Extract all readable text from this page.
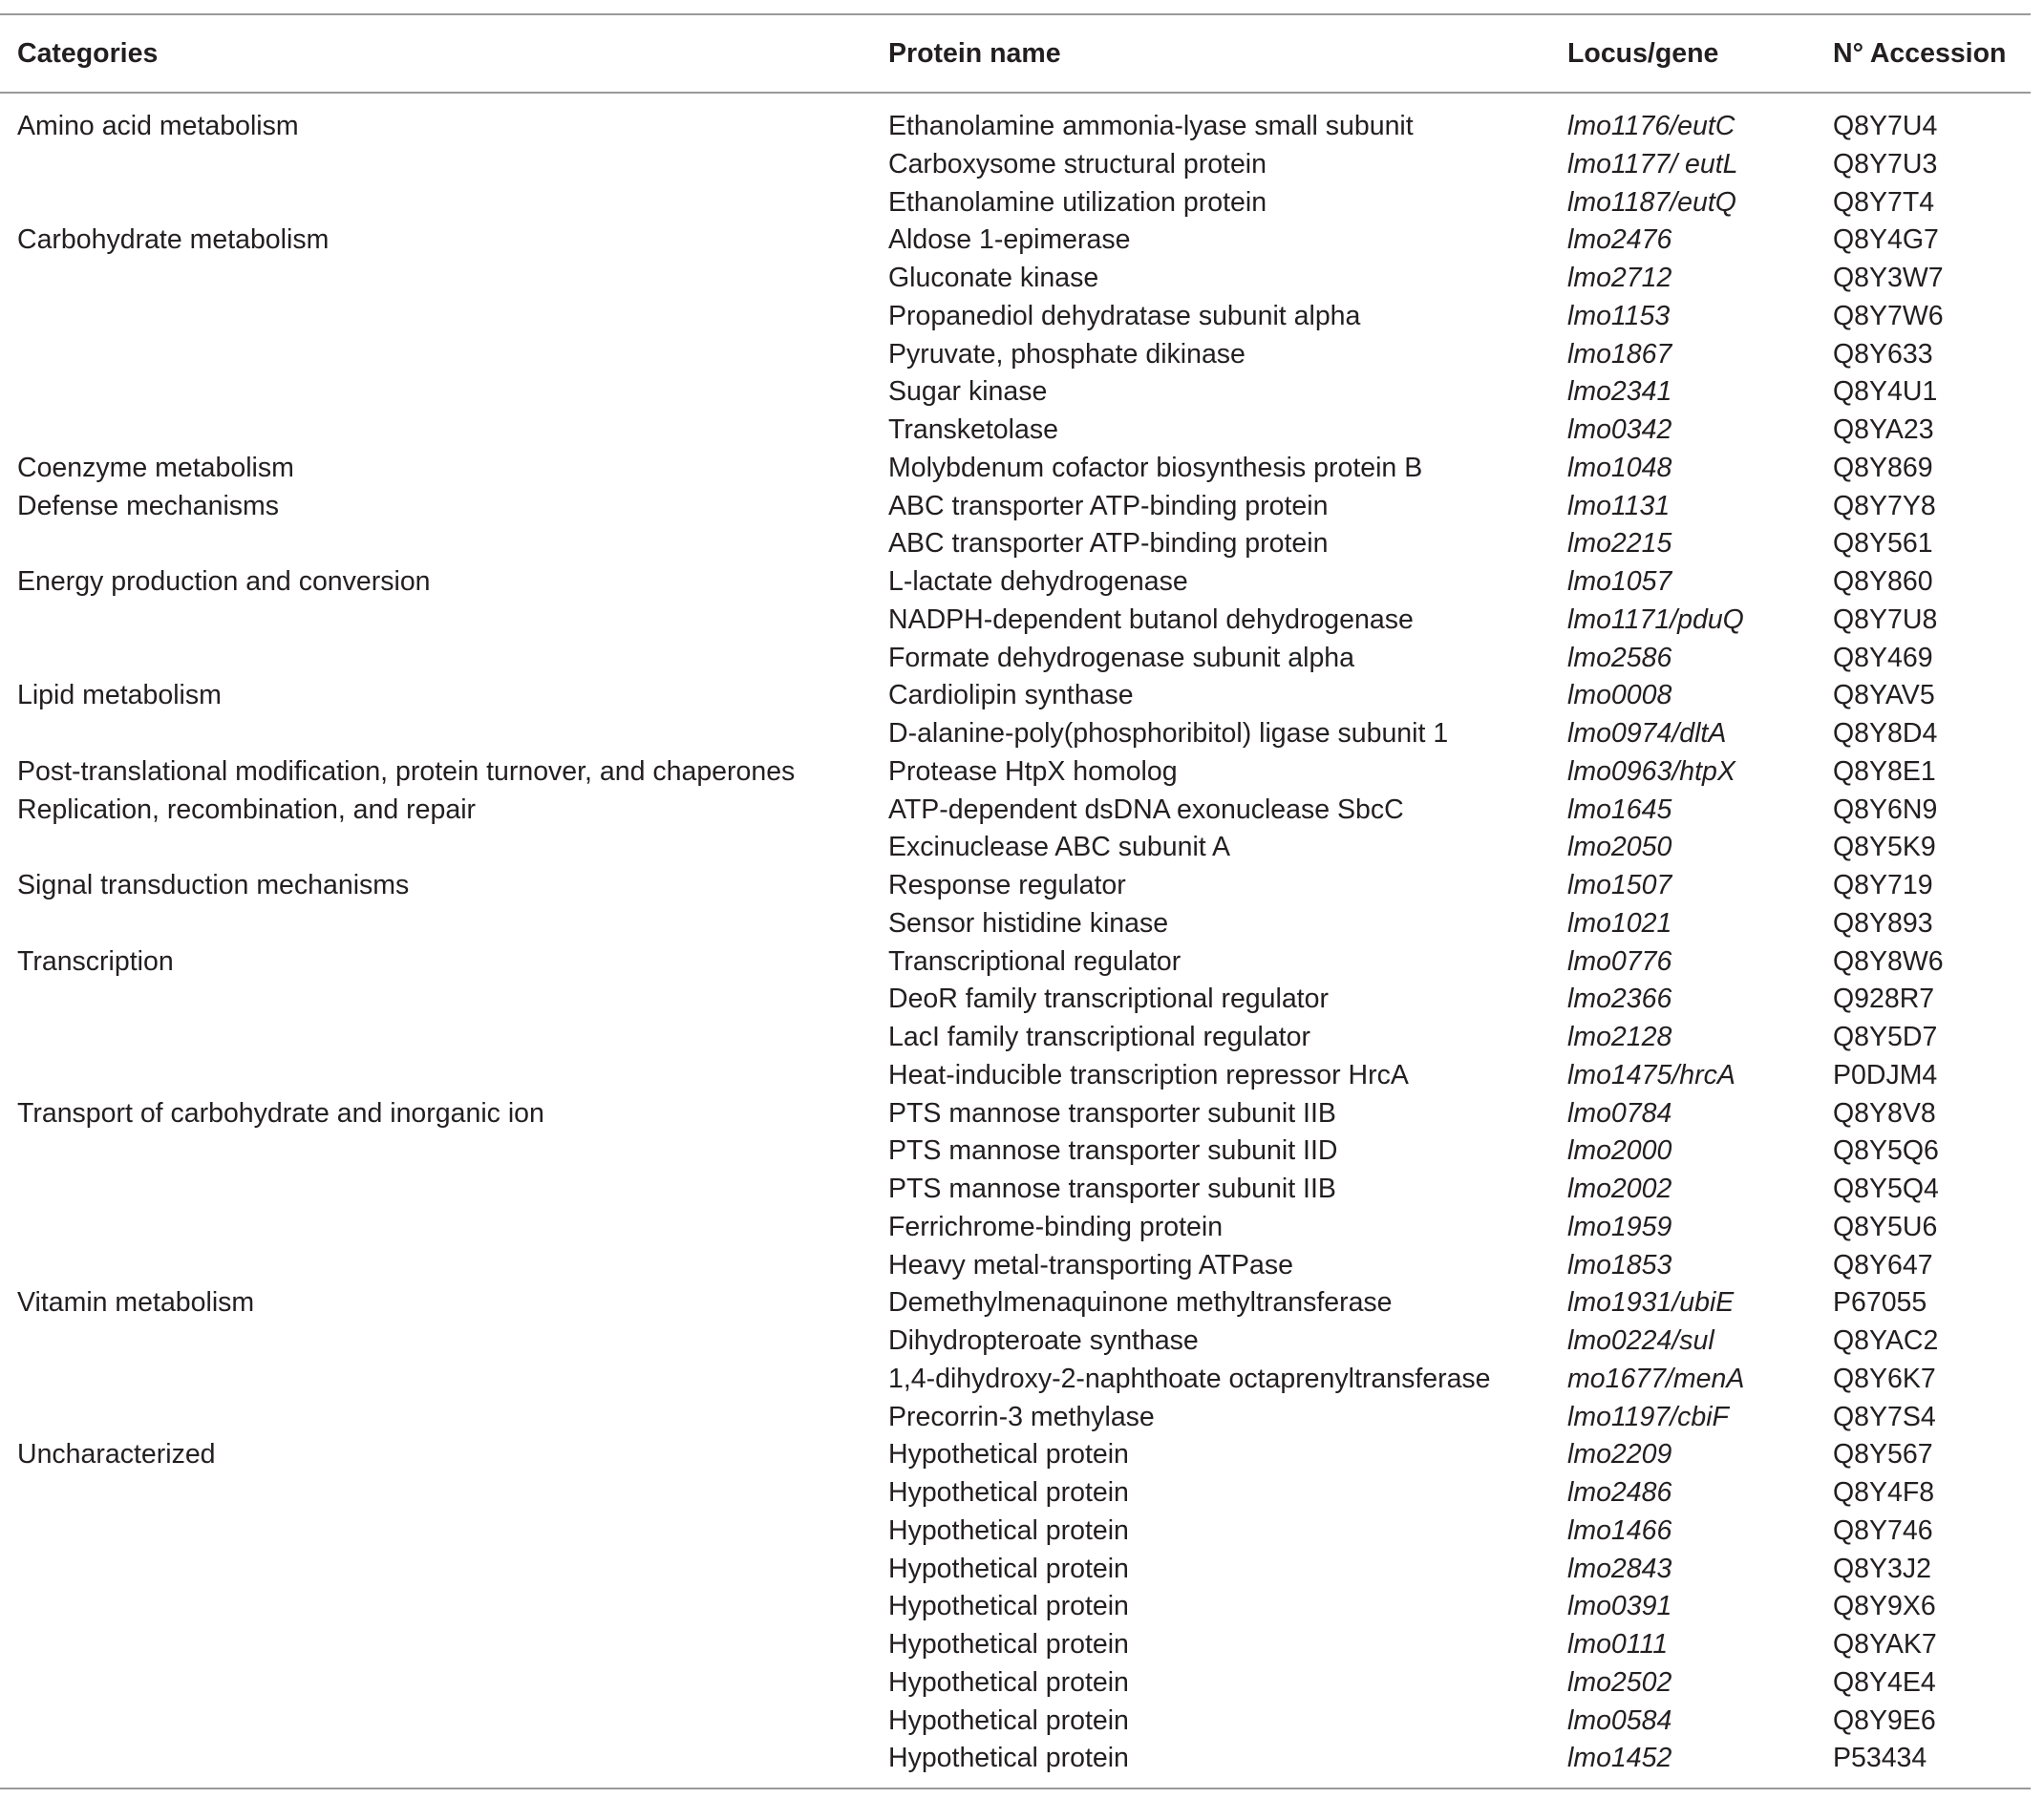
Categories	Protein name	Locus/gene	N° Accession
Amino acid metabolism	Ethanolamine ammonia-lyase small subunit	lmo1176/eutC	Q8Y7U4
	Carboxysome structural protein	lmo1177/ eutL	Q8Y7U3
	Ethanolamine utilization protein	lmo1187/eutQ	Q8Y7T4
Carbohydrate metabolism	Aldose 1-epimerase	lmo2476	Q8Y4G7
	Gluconate kinase	lmo2712	Q8Y3W7
	Propanediol dehydratase subunit alpha	lmo1153	Q8Y7W6
	Pyruvate, phosphate dikinase	lmo1867	Q8Y633
	Sugar kinase	lmo2341	Q8Y4U1
	Transketolase	lmo0342	Q8YA23
Coenzyme metabolism	Molybdenum cofactor biosynthesis protein B	lmo1048	Q8Y869
Defense mechanisms	ABC transporter ATP-binding protein	lmo1131	Q8Y7Y8
	ABC transporter ATP-binding protein	lmo2215	Q8Y561
Energy production and conversion	L-lactate dehydrogenase	lmo1057	Q8Y860
	NADPH-dependent butanol dehydrogenase	lmo1171/pduQ	Q8Y7U8
	Formate dehydrogenase subunit alpha	lmo2586	Q8Y469
Lipid metabolism	Cardiolipin synthase	lmo0008	Q8YAV5
	D-alanine-poly(phosphoribitol) ligase subunit 1	lmo0974/dltA	Q8Y8D4
Post-translational modification, protein turnover, and chaperones	Protease HtpX homolog	lmo0963/htpX	Q8Y8E1
Replication, recombination, and repair	ATP-dependent dsDNA exonuclease SbcC	lmo1645	Q8Y6N9
	Excinuclease ABC subunit A	lmo2050	Q8Y5K9
Signal transduction mechanisms	Response regulator	lmo1507	Q8Y719
	Sensor histidine kinase	lmo1021	Q8Y893
Transcription	Transcriptional regulator	lmo0776	Q8Y8W6
	DeoR family transcriptional regulator	lmo2366	Q928R7
	LacI family transcriptional regulator	lmo2128	Q8Y5D7
	Heat-inducible transcription repressor HrcA	lmo1475/hrcA	P0DJM4
Transport of carbohydrate and inorganic ion	PTS mannose transporter subunit IIB	lmo0784	Q8Y8V8
	PTS mannose transporter subunit IID	lmo2000	Q8Y5Q6
	PTS mannose transporter subunit IIB	lmo2002	Q8Y5Q4
	Ferrichrome-binding protein	lmo1959	Q8Y5U6
	Heavy metal-transporting ATPase	lmo1853	Q8Y647
Vitamin metabolism	Demethylmenaquinone methyltransferase	lmo1931/ubiE	P67055
	Dihydropteroate synthase	lmo0224/sul	Q8YAC2
	1,4-dihydroxy-2-naphthoate octaprenyltransferase	mo1677/menA	Q8Y6K7
	Precorrin-3 methylase	lmo1197/cbiF	Q8Y7S4
Uncharacterized	Hypothetical protein	lmo2209	Q8Y567
	Hypothetical protein	lmo2486	Q8Y4F8
	Hypothetical protein	lmo1466	Q8Y746
	Hypothetical protein	lmo2843	Q8Y3J2
	Hypothetical protein	lmo0391	Q8Y9X6
	Hypothetical protein	lmo0111	Q8YAK7
	Hypothetical protein	lmo2502	Q8Y4E4
	Hypothetical protein	lmo0584	Q8Y9E6
	Hypothetical protein	lmo1452	P53434
